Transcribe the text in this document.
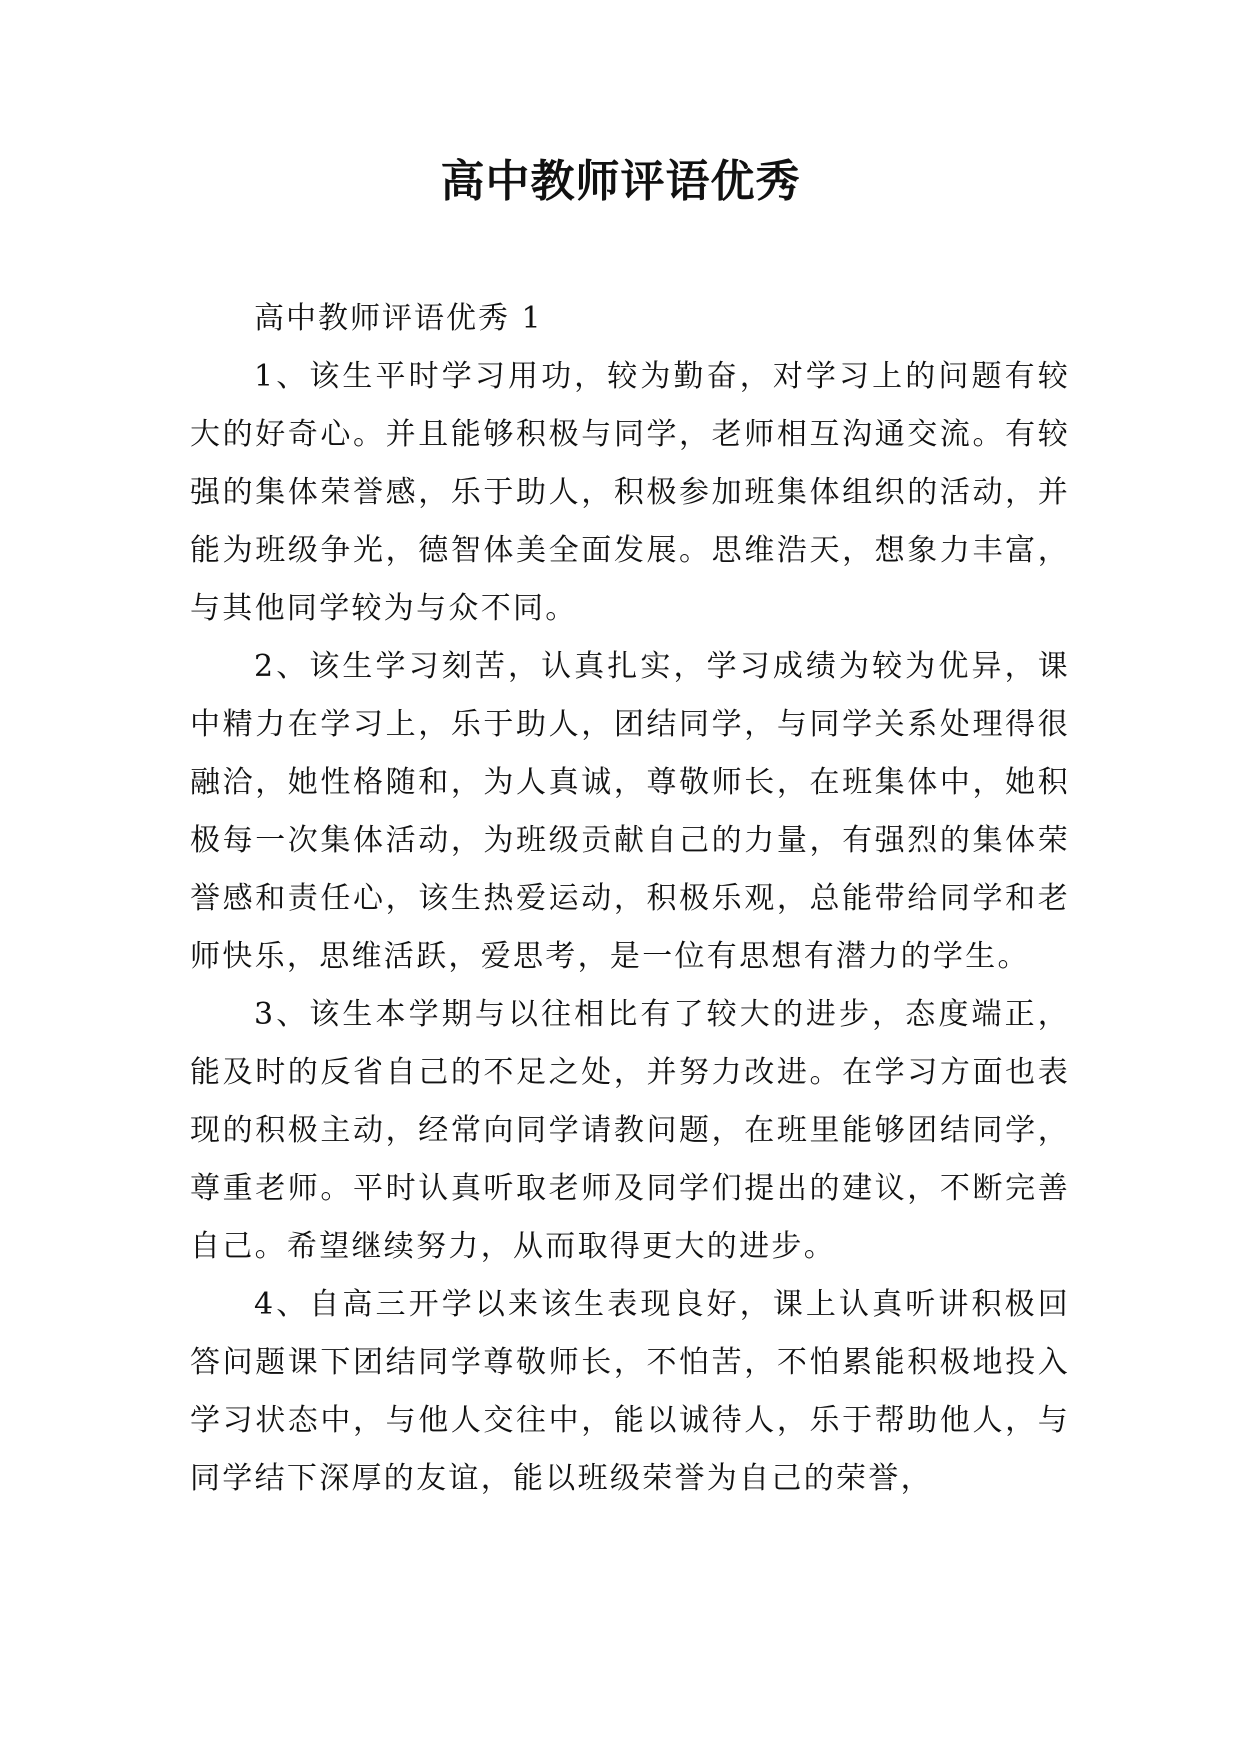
高中教师评语优秀

高中教师评语优秀 1

1、该生平时学习用功，较为勤奋，对学习上的问题有较大的好奇心。并且能够积极与同学，老师相互沟通交流。有较强的集体荣誉感，乐于助人，积极参加班集体组织的活动，并能为班级争光，德智体美全面发展。思维浩天，想象力丰富，与其他同学较为与众不同。

2、该生学习刻苦，认真扎实，学习成绩为较为优异，课中精力在学习上，乐于助人，团结同学，与同学关系处理得很融洽，她性格随和，为人真诚，尊敬师长，在班集体中，她积极每一次集体活动，为班级贡献自己的力量，有强烈的集体荣誉感和责任心，该生热爱运动，积极乐观，总能带给同学和老师快乐，思维活跃，爱思考，是一位有思想有潜力的学生。

3、该生本学期与以往相比有了较大的进步，态度端正，能及时的反省自己的不足之处，并努力改进。在学习方面也表现的积极主动，经常向同学请教问题，在班里能够团结同学，尊重老师。平时认真听取老师及同学们提出的建议，不断完善自己。希望继续努力，从而取得更大的进步。

4、自高三开学以来该生表现良好，课上认真听讲积极回答问题课下团结同学尊敬师长，不怕苦，不怕累能积极地投入学习状态中，与他人交往中，能以诚待人，乐于帮助他人，与同学结下深厚的友谊，能以班级荣誉为自己的荣誉，
